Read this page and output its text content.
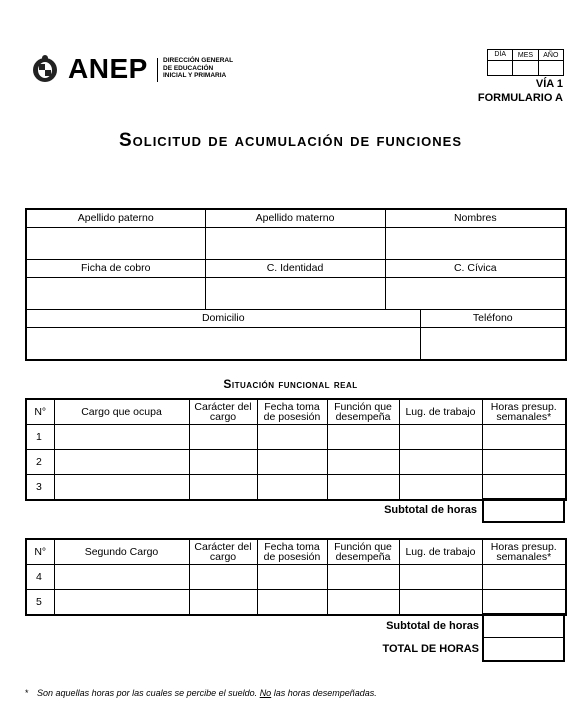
ANEP DIRECCIÓN GENERAL
DE EDUCACIÓN
INICIAL Y PRIMARIA
DÍA	MES	AÑO

VÍA 1
FORMULARIO A
Solicitud de acumulación de funciones
Apellido paterno	Apellido materno	Nombres	

Ficha de cobro	C. Identidad	C. Cívica	

Domicilio			Teléfono

Situación funcional real
N°	Cargo que ocupa	Carácter del cargo	Fecha toma de posesión	Función que desempeña	Lug. de trabajo	Horas presup. semanales*
1						
2						
3						
Subtotal de horas
N°	Segundo Cargo	Carácter del cargo	Fecha toma de posesión	Función que desempeña	Lug. de trabajo	Horas presup. semanales*
4						
5						
Subtotal de horas
TOTAL DE HORAS

* Son aquellas horas por las cuales se percibe el sueldo. No las horas desempeñadas.
